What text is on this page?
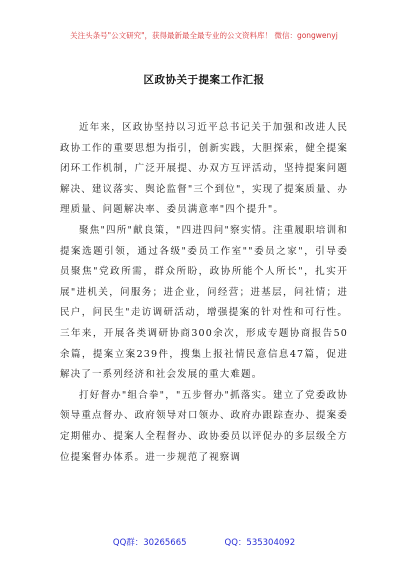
关注头条号"公文研究"，获得最新最全最专业的公文资料库！ 微信：gongwenyj
区政协关于提案工作汇报

近年来，区政协坚持以习近平总书记关于加强和改进人民政协工作的重要思想为指引，创新实践，大胆探索，健全提案闭环工作机制，广泛开展提、办双方互评活动，坚持提案问题解决、建议落实、舆论监督"三个到位"，实现了提案质量、办理质量、问题解决率、委员满意率"四个提升"。

聚焦"四所"献良策，"四进四问"察实情。注重履职培训和提案选题引领，通过各级"委员工作室""委员之家"，引导委员聚焦"党政所需，群众所盼，政协所能个人所长"，扎实开展"进机关，问服务；进企业，问经营；进基层，问社情；进民户，问民生"走访调研活动，增强提案的针对性和可行性。三年来，开展各类调研协商300余次，形成专题协商报告50余篇，提案立案239件，搜集上报社情民意信息47篇，促进解决了一系列经济和社会发展的重大难题。

打好督办"组合拳"，"五步督办"抓落实。建立了党委政协领导重点督办、政府领导对口领办、政府办跟踪查办、提案委定期催办、提案人全程督办、政协委员以评促办的多层级全方位提案督办体系。进一步规范了视察调

QQ群：30265665	QQ：535304092
